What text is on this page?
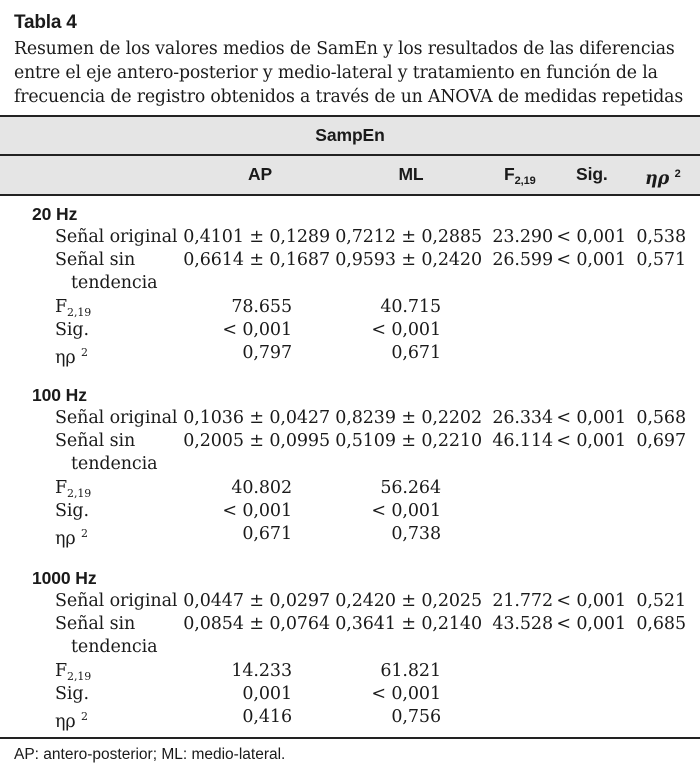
Tabla 4
Resumen de los valores medios de SamEn y los resultados de las diferencias entre el eje antero-posterior y medio-lateral y tratamiento en función de la frecuencia de registro obtenidos a través de un ANOVA de medidas repetidas
SampEn
AP	ML	$F_{2,19}$ Sig. ηρ $^2$
20 Hz
Señal original 0,4101 ± 0,1289 0,7212 ± 0,2885 23.290 < 0,001 0,538
Señal sin
tendencia
0,6614 ± 0,1687 0,9593 ± 0,2420 26.599 < 0,001 0,571
$F_{2,19}$	78.655	40.715
Sig.	< 0,001	< 0,001
ηρ $^2$	0,797	0,671
100 Hz
Señal original 0,1036 ± 0,0427 0,8239 ± 0,2202 26.334 < 0,001 0,568
Señal sin
tendencia
0,2005 ± 0,0995 0,5109 ± 0,2210 46.114 < 0,001 0,697
$F_{2,19}$	40.802	56.264
Sig.	< 0,001	< 0,001
ηρ $^2$	0,671	0,738
1000 Hz
Señal original 0,0447 ± 0,0297 0,2420 ± 0,2025 21.772 < 0,001 0,521
Señal sin
tendencia
0,0854 ± 0,0764 0,3641 ± 0,2140 43.528 < 0,001 0,685
$F_{2,19}$	14.233	61.821
Sig.	0,001	< 0,001
ηρ $^2$	0,416	0,756
AP: antero-posterior; ML: medio-lateral.
